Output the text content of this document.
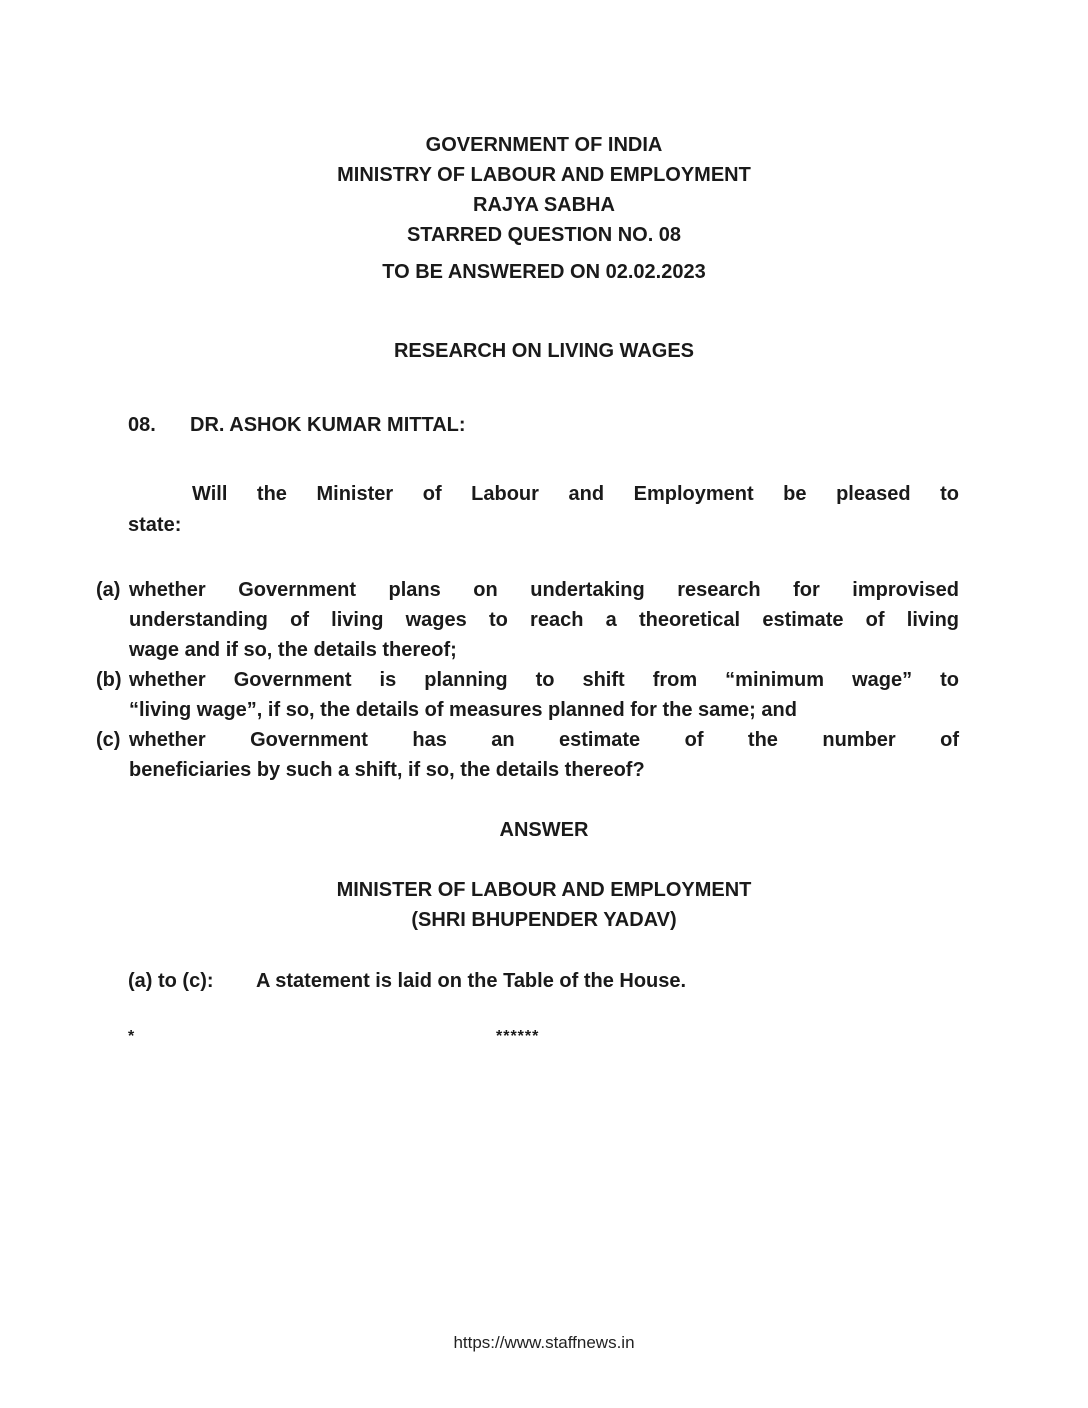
GOVERNMENT OF INDIA
MINISTRY OF LABOUR AND EMPLOYMENT
RAJYA SABHA
STARRED QUESTION NO. 08
TO BE ANSWERED ON 02.02.2023
RESEARCH ON LIVING WAGES
08. DR. ASHOK KUMAR MITTAL:
Will the Minister of Labour and Employment be pleased to
state:
(a) whether Government plans on undertaking research for improvised
understanding of living wages to reach a theoretical estimate of living
wage and if so, the details thereof;
(b) whether Government is planning to shift from “minimum wage” to
“living wage”, if so, the details of measures planned for the same; and
(c) whether Government has an estimate of the number of
beneficiaries by such a shift, if so, the details thereof?
ANSWER
MINISTER OF LABOUR AND EMPLOYMENT
(SHRI BHUPENDER YADAV)
(a) to (c): A statement is laid on the Table of the House.
*	******
https://www.staffnews.in
